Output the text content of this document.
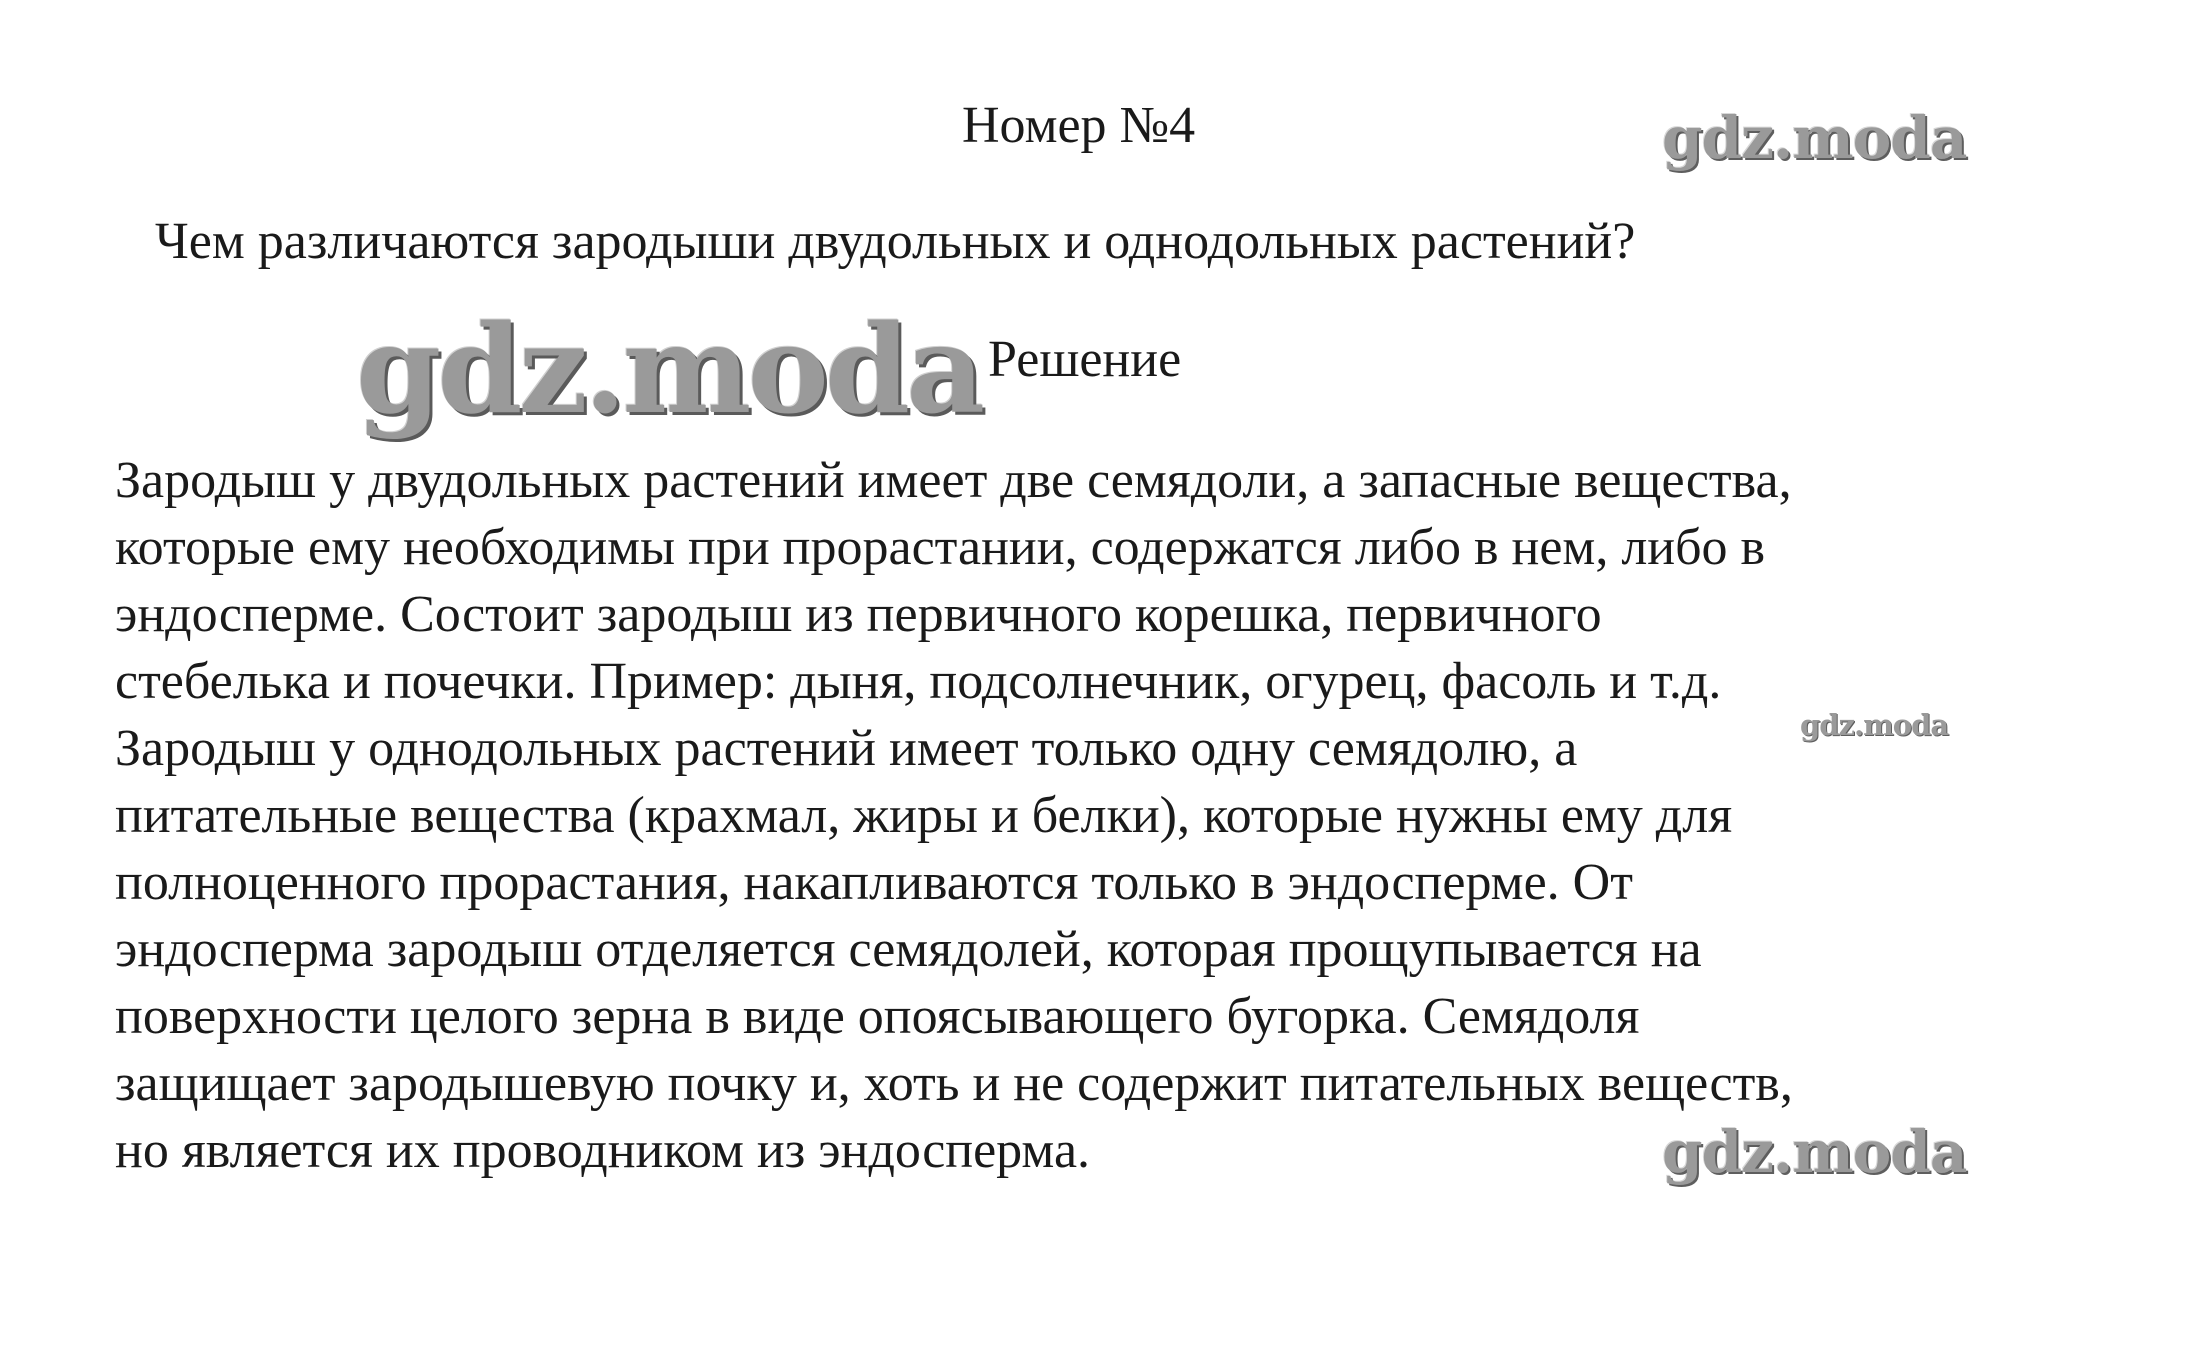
Номер №4	gdz.moda
Чем различаются зародыши двудольных и однодольных растений?
gdz.moda Решение
Зародыш у двудольных растений имеет две семядоли, а запасные вещества,
которые ему необходимы при прорастании, содержатся либо в нем, либо в
эндосперме. Состоит зародыш из первичного корешка, первичного
стебелька и почечки. Пример: дыня, подсолнечник, огурец, фасоль и т.д.
Зародыш у однодольных растений имеет только одну семядолю, а
питательные вещества (крахмал, жиры и белки), которые нужны ему для
полноценного прорастания, накапливаются только в эндосперме. От
эндосперма зародыш отделяется семядолей, которая прощупывается на
поверхности целого зерна в виде опоясывающего бугорка. Семядоля
защищает зародышевую почку и, хоть и не содержит питательных веществ,
но является их проводником из эндосперма.
gdz.moda
gdz.moda
